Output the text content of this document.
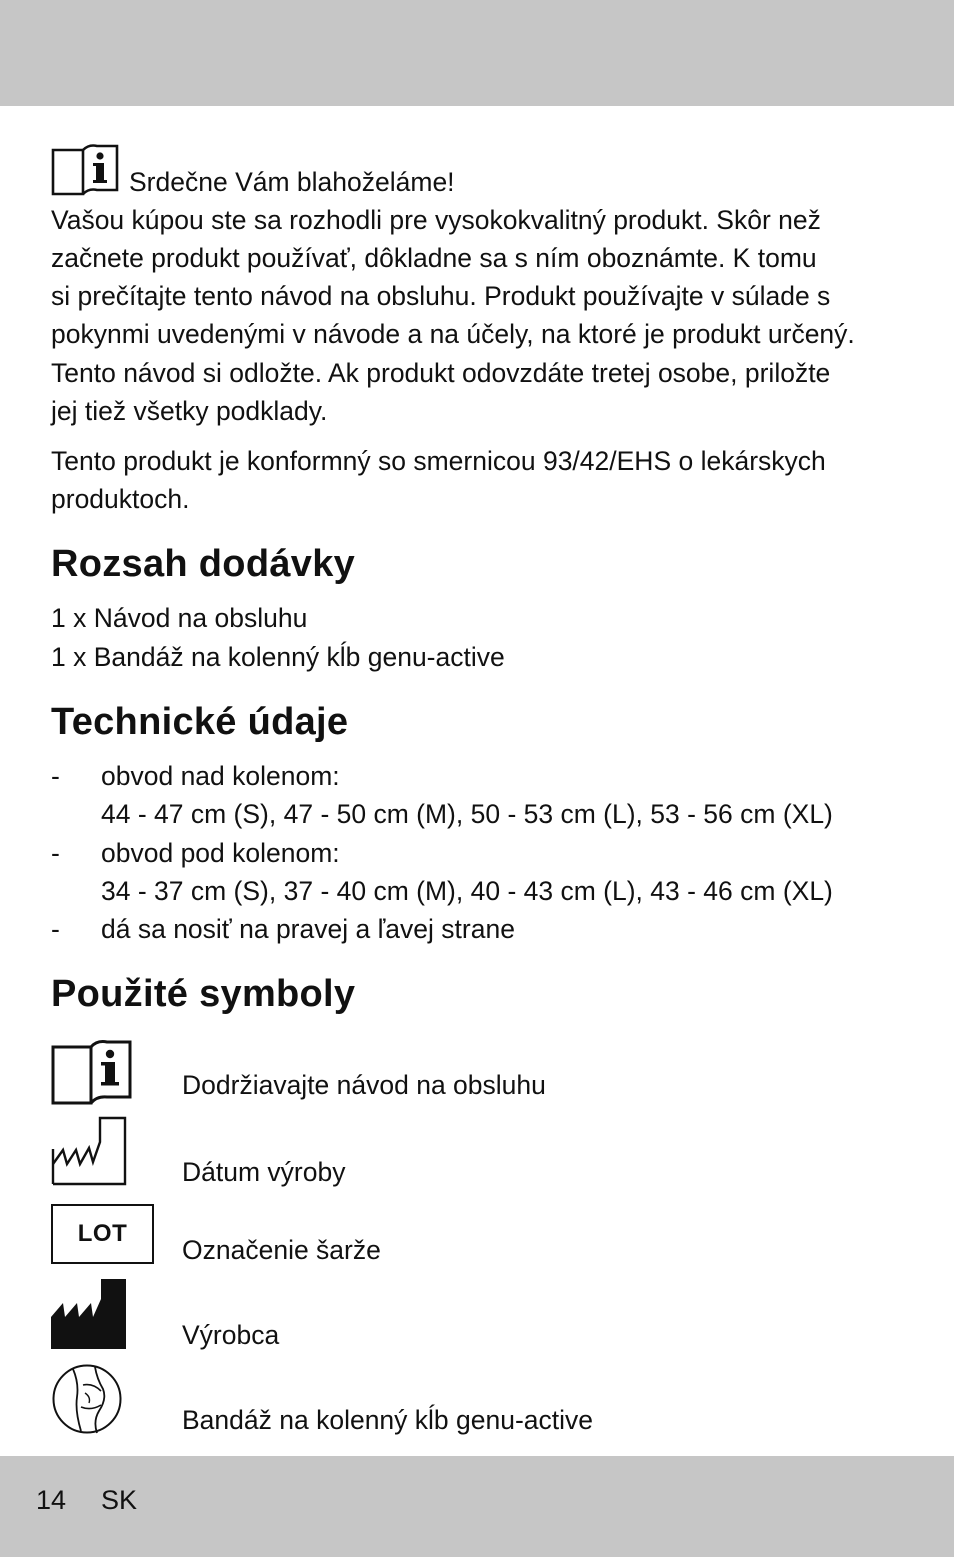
Srdečne Vám blahoželáme!
Vašou kúpou ste sa rozhodli pre vysokokvalitný produkt. Skôr než
začnete produkt používať, dôkladne sa s ním oboznámte. K tomu
si prečítajte tento návod na obsluhu. Produkt používajte v súlade s
pokynmi uvedenými v návode a na účely, na ktoré je produkt určený.
Tento návod si odložte. Ak produkt odovzdáte tretej osobe, priložte
jej tiež všetky podklady.
Tento produkt je konformný so smernicou 93/42/EHS o lekárskych
produktoch.
Rozsah dodávky
1 x Návod na obsluhu
1 x Bandáž na kolenný kĺb genu-active
Technické údaje
- obvod nad kolenom:
44 - 47 cm (S), 47 - 50 cm (M), 50 - 53 cm (L), 53 - 56 cm (XL)
- obvod pod kolenom:
34 - 37 cm (S), 37 - 40 cm (M), 40 - 43 cm (L), 43 - 46 cm (XL)
- dá sa nosiť na pravej a ľavej strane
Použité symboly
Dodržiavajte návod na obsluhu
Dátum výroby
LOT
Označenie šarže
Výrobca
Bandáž na kolenný kĺb genu-active
14 SK
